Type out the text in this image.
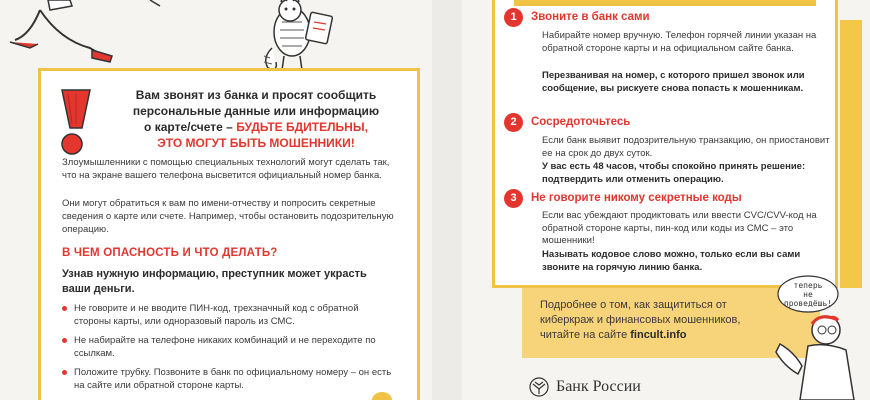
Вам звонят из банка и просят сообщить
персональные данные или информацию
о карте/счете – БУДЬТЕ БДИТЕЛЬНЫ,
ЭТО МОГУТ БЫТЬ МОШЕННИКИ!

Злоумышленники с помощью специальных технологий могут сделать так, что на экране вашего телефона высветится официальный номер банка.

Они могут обратиться к вам по имени-отчеству и попросить секретные сведения о карте или счете. Например, чтобы остановить подозрительную операцию.

В ЧЕМ ОПАСНОСТЬ И ЧТО ДЕЛАТЬ?
Узнав нужную информацию, преступник может украсть ваши деньги.
Не говорите и не вводите ПИН-код, трехзначный код с обратной стороны карты, или одноразовый пароль из СМС.
Не набирайте на телефоне никаких комбинаций и не переходите по ссылкам.
Положите трубку. Позвоните в банк по официальному номеру – он есть на сайте или обратной стороне карты.
1	Звоните в банк сами

Набирайте номер вручную. Телефон горячей линии указан на обратной стороне карты и на официальном сайте банка.

Перезванивая на номер, с которого пришел звонок или сообщение, вы рискуете снова попасть к мошенникам.

2	Сосредоточьтесь

Если банк выявит подозрительную транзакцию, он приостановит ее на срок до двух суток.

У вас есть 48 часов, чтобы спокойно принять решение: подтвердить или отменить операцию.

3	Не говорите никому секретные коды

Если вас убеждают продиктовать или ввести CVC/CVV-код на обратной стороне карты, пин-код или коды из СМС – это мошенники!

Называть кодовое слово можно, только если вы сами звоните на горячую линию банка.

Подробнее о том, как защититься от киберкраж и финансовых мошенников, читайте на сайте fincult.info
теперь
не
проведёшь!
Банк России
